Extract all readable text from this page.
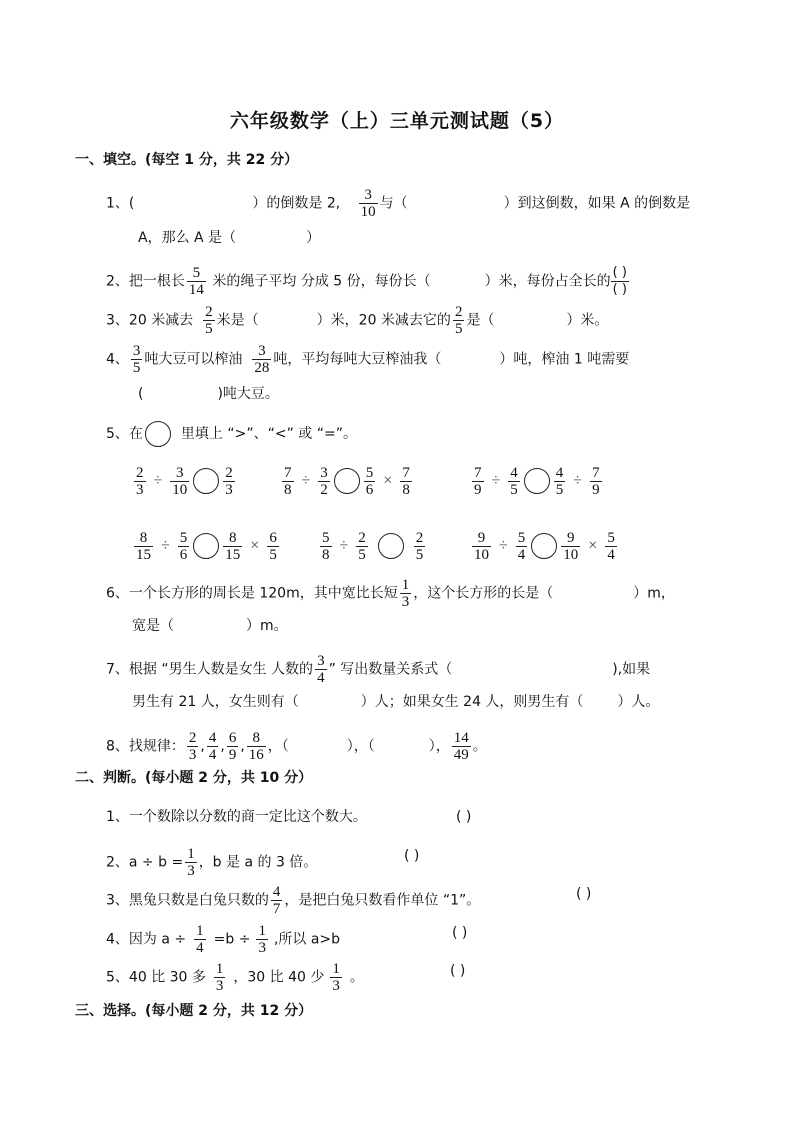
六年级数学（上）三单元测试题（5）
一、填空。(每空 1 分，共 22 分）
1、(	）的倒数是 2, $\frac{3}{10}$ 与（	）到这倒数，如果 A 的倒数是
A，那么 A 是（	）
2、把一根长 $\frac{5}{14}$ 米的绳子平均 分成 5 份，每份长（	）米，每份占全长的
( )
( )
3、20 米减去 $\frac{2}{5}$ 米是（	）米，20 米减去它的 $\frac{2}{5}$ 是（	）米。
4、 $\frac{3}{5}$ 吨大豆可以榨油 $\frac{3}{28}$ 吨，平均每吨大豆榨油我（	）吨，榨油 1 吨需要
(	)吨大豆。
5、在	里填上 “>”、“<” 或 “=”。
$\frac{2}{3} \div \frac{3}{10} \frac{2}{3}$	$\frac{7}{8} \div \frac{3}{2} \frac{5}{6} \times \frac{7}{8}$	$\frac{7}{9} \div \frac{4}{5} \frac{4}{5} \div \frac{7}{9}$
$\frac{8}{15} \div \frac{5}{6} \frac{8}{15} \times \frac{6}{5}$	$\frac{5}{8} \div \frac{2}{5}$	$\frac{2}{5}$	$\frac{9}{10} \div \frac{5}{4} \frac{9}{10} \times \frac{5}{4}$
6、一个长方形的周长是 120m，其中宽比长短 $\frac{1}{3}$ ，这个长方形的长是（	）m，
宽是（	）m。
7、根据 “男生人数是女生 人数的 $\frac{3}{4}$ ” 写出数量关系式（	),如果
男生有 21 人，女生则有（	）人；如果女生 24 人，则男生有（ ）人。
8、找规律： $\frac{2}{3}$ , $\frac{4}{4}$ , $\frac{6}{9}$ , $\frac{8}{16}$ ，（	），（	）， $\frac{14}{49}$ 。
二、判断。(每小题 2 分，共 10 分）
1、一个数除以分数的商一定比这个数大。	( )
2、$a \div b = \frac{1}{3}$ ，b 是 a 的 3 倍。	( )
3、黑兔只数是白兔只数的 $\frac{4}{7}$ ，是把白兔只数看作单位 “1”。	( )
4、因为 $a \div \frac{1}{4} =b \div \frac{1}{3}$ ,所以 a>b	( )
5、40 比 30 多 $\frac{1}{3}$ ，30 比 40 少 $\frac{1}{3}$ 。	( )
三、选择。(每小题 2 分，共 12 分）
